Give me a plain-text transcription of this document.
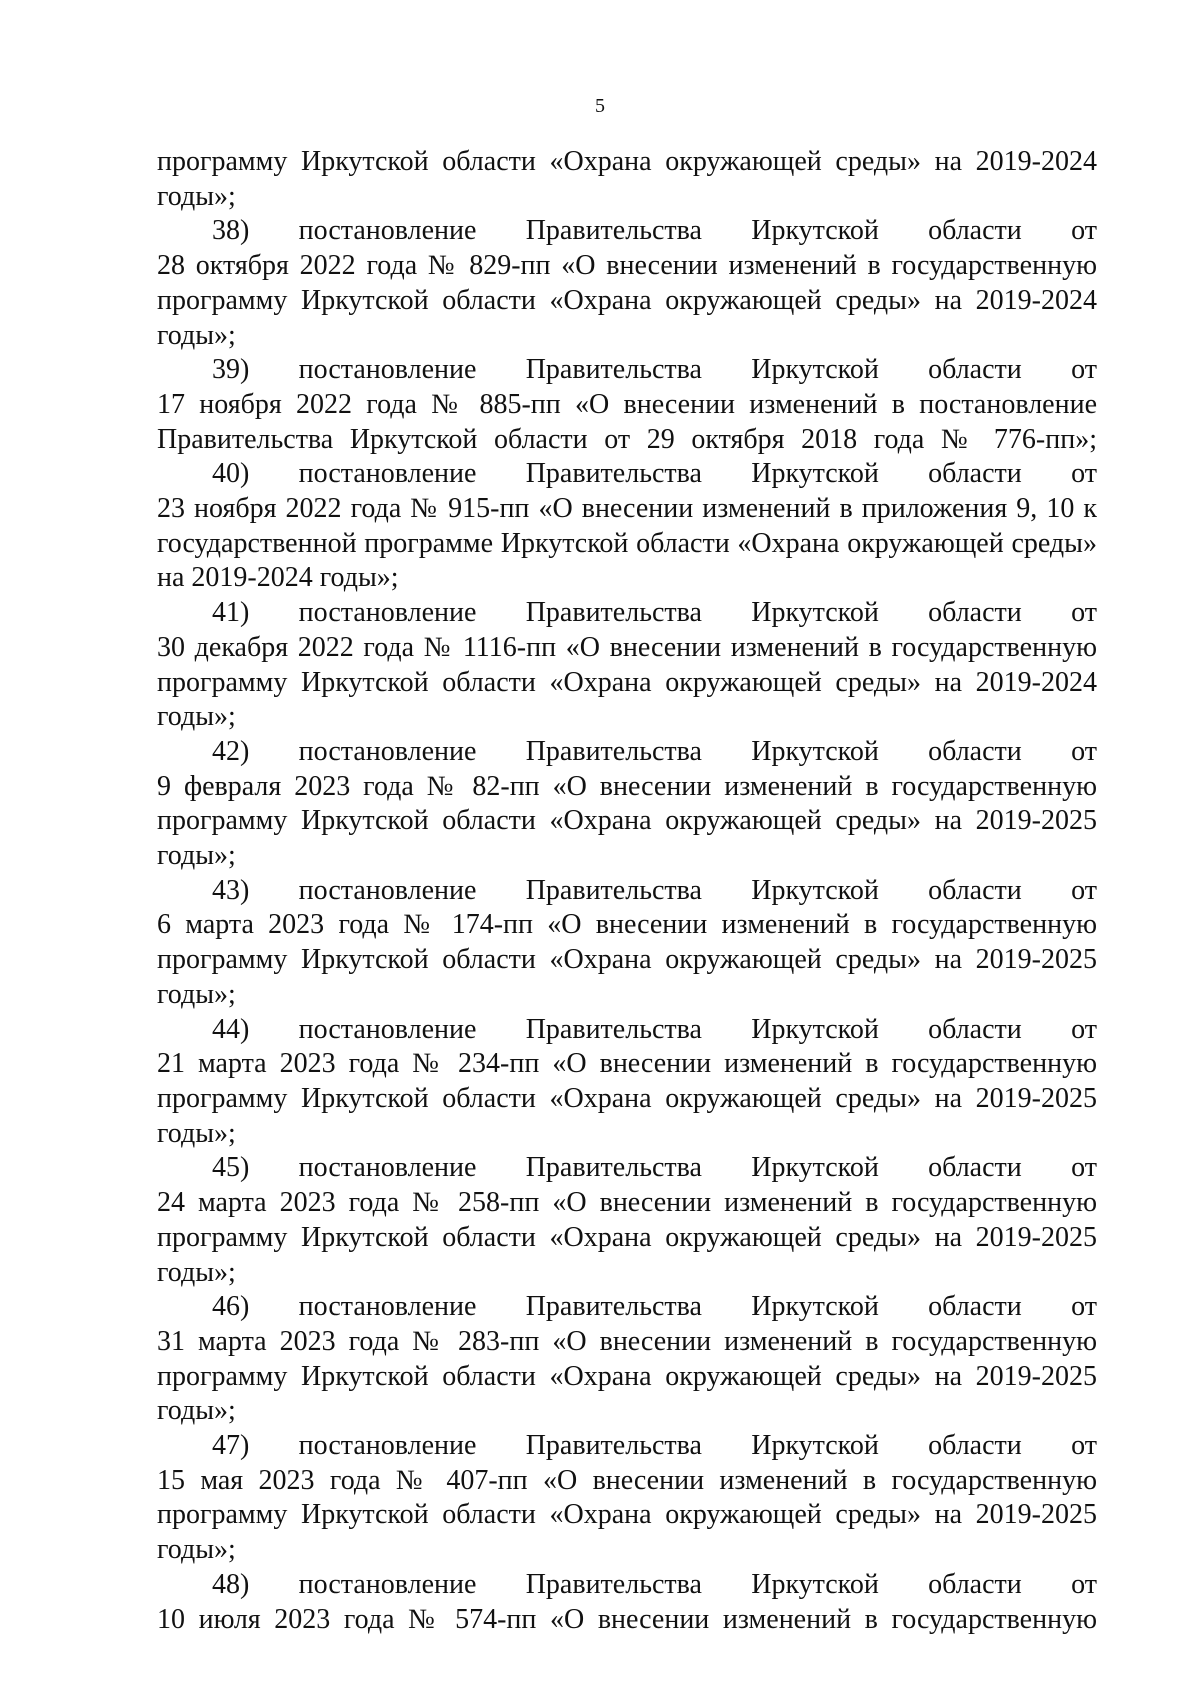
5
программу Иркутской области «Охрана окружающей среды» на 2019-2024
годы»;
38) постановление Правительства Иркутской области от
28 октября 2022 года № 829-пп «О внесении изменений в государственную
программу Иркутской области «Охрана окружающей среды» на 2019-2024
годы»;
39) постановление Правительства Иркутской области от
17 ноября 2022 года № 885-пп «О внесении изменений в постановление
Правительства Иркутской области от 29 октября 2018 года № 776-пп»;
40) постановление Правительства Иркутской области от
23 ноября 2022 года № 915-пп «О внесении изменений в приложения 9, 10 к
государственной программе Иркутской области «Охрана окружающей среды»
на 2019-2024 годы»;
41) постановление Правительства Иркутской области от
30 декабря 2022 года № 1116-пп «О внесении изменений в государственную
программу Иркутской области «Охрана окружающей среды» на 2019-2024
годы»;
42) постановление Правительства Иркутской области от
9 февраля 2023 года № 82-пп «О внесении изменений в государственную
программу Иркутской области «Охрана окружающей среды» на 2019-2025
годы»;
43) постановление Правительства Иркутской области от
6 марта 2023 года № 174-пп «О внесении изменений в государственную
программу Иркутской области «Охрана окружающей среды» на 2019-2025
годы»;
44) постановление Правительства Иркутской области от
21 марта 2023 года № 234-пп «О внесении изменений в государственную
программу Иркутской области «Охрана окружающей среды» на 2019-2025
годы»;
45) постановление Правительства Иркутской области от
24 марта 2023 года № 258-пп «О внесении изменений в государственную
программу Иркутской области «Охрана окружающей среды» на 2019-2025
годы»;
46) постановление Правительства Иркутской области от
31 марта 2023 года № 283-пп «О внесении изменений в государственную
программу Иркутской области «Охрана окружающей среды» на 2019-2025
годы»;
47) постановление Правительства Иркутской области от
15 мая 2023 года № 407-пп «О внесении изменений в государственную
программу Иркутской области «Охрана окружающей среды» на 2019-2025
годы»;
48) постановление Правительства Иркутской области от
10 июля 2023 года № 574-пп «О внесении изменений в государственную
